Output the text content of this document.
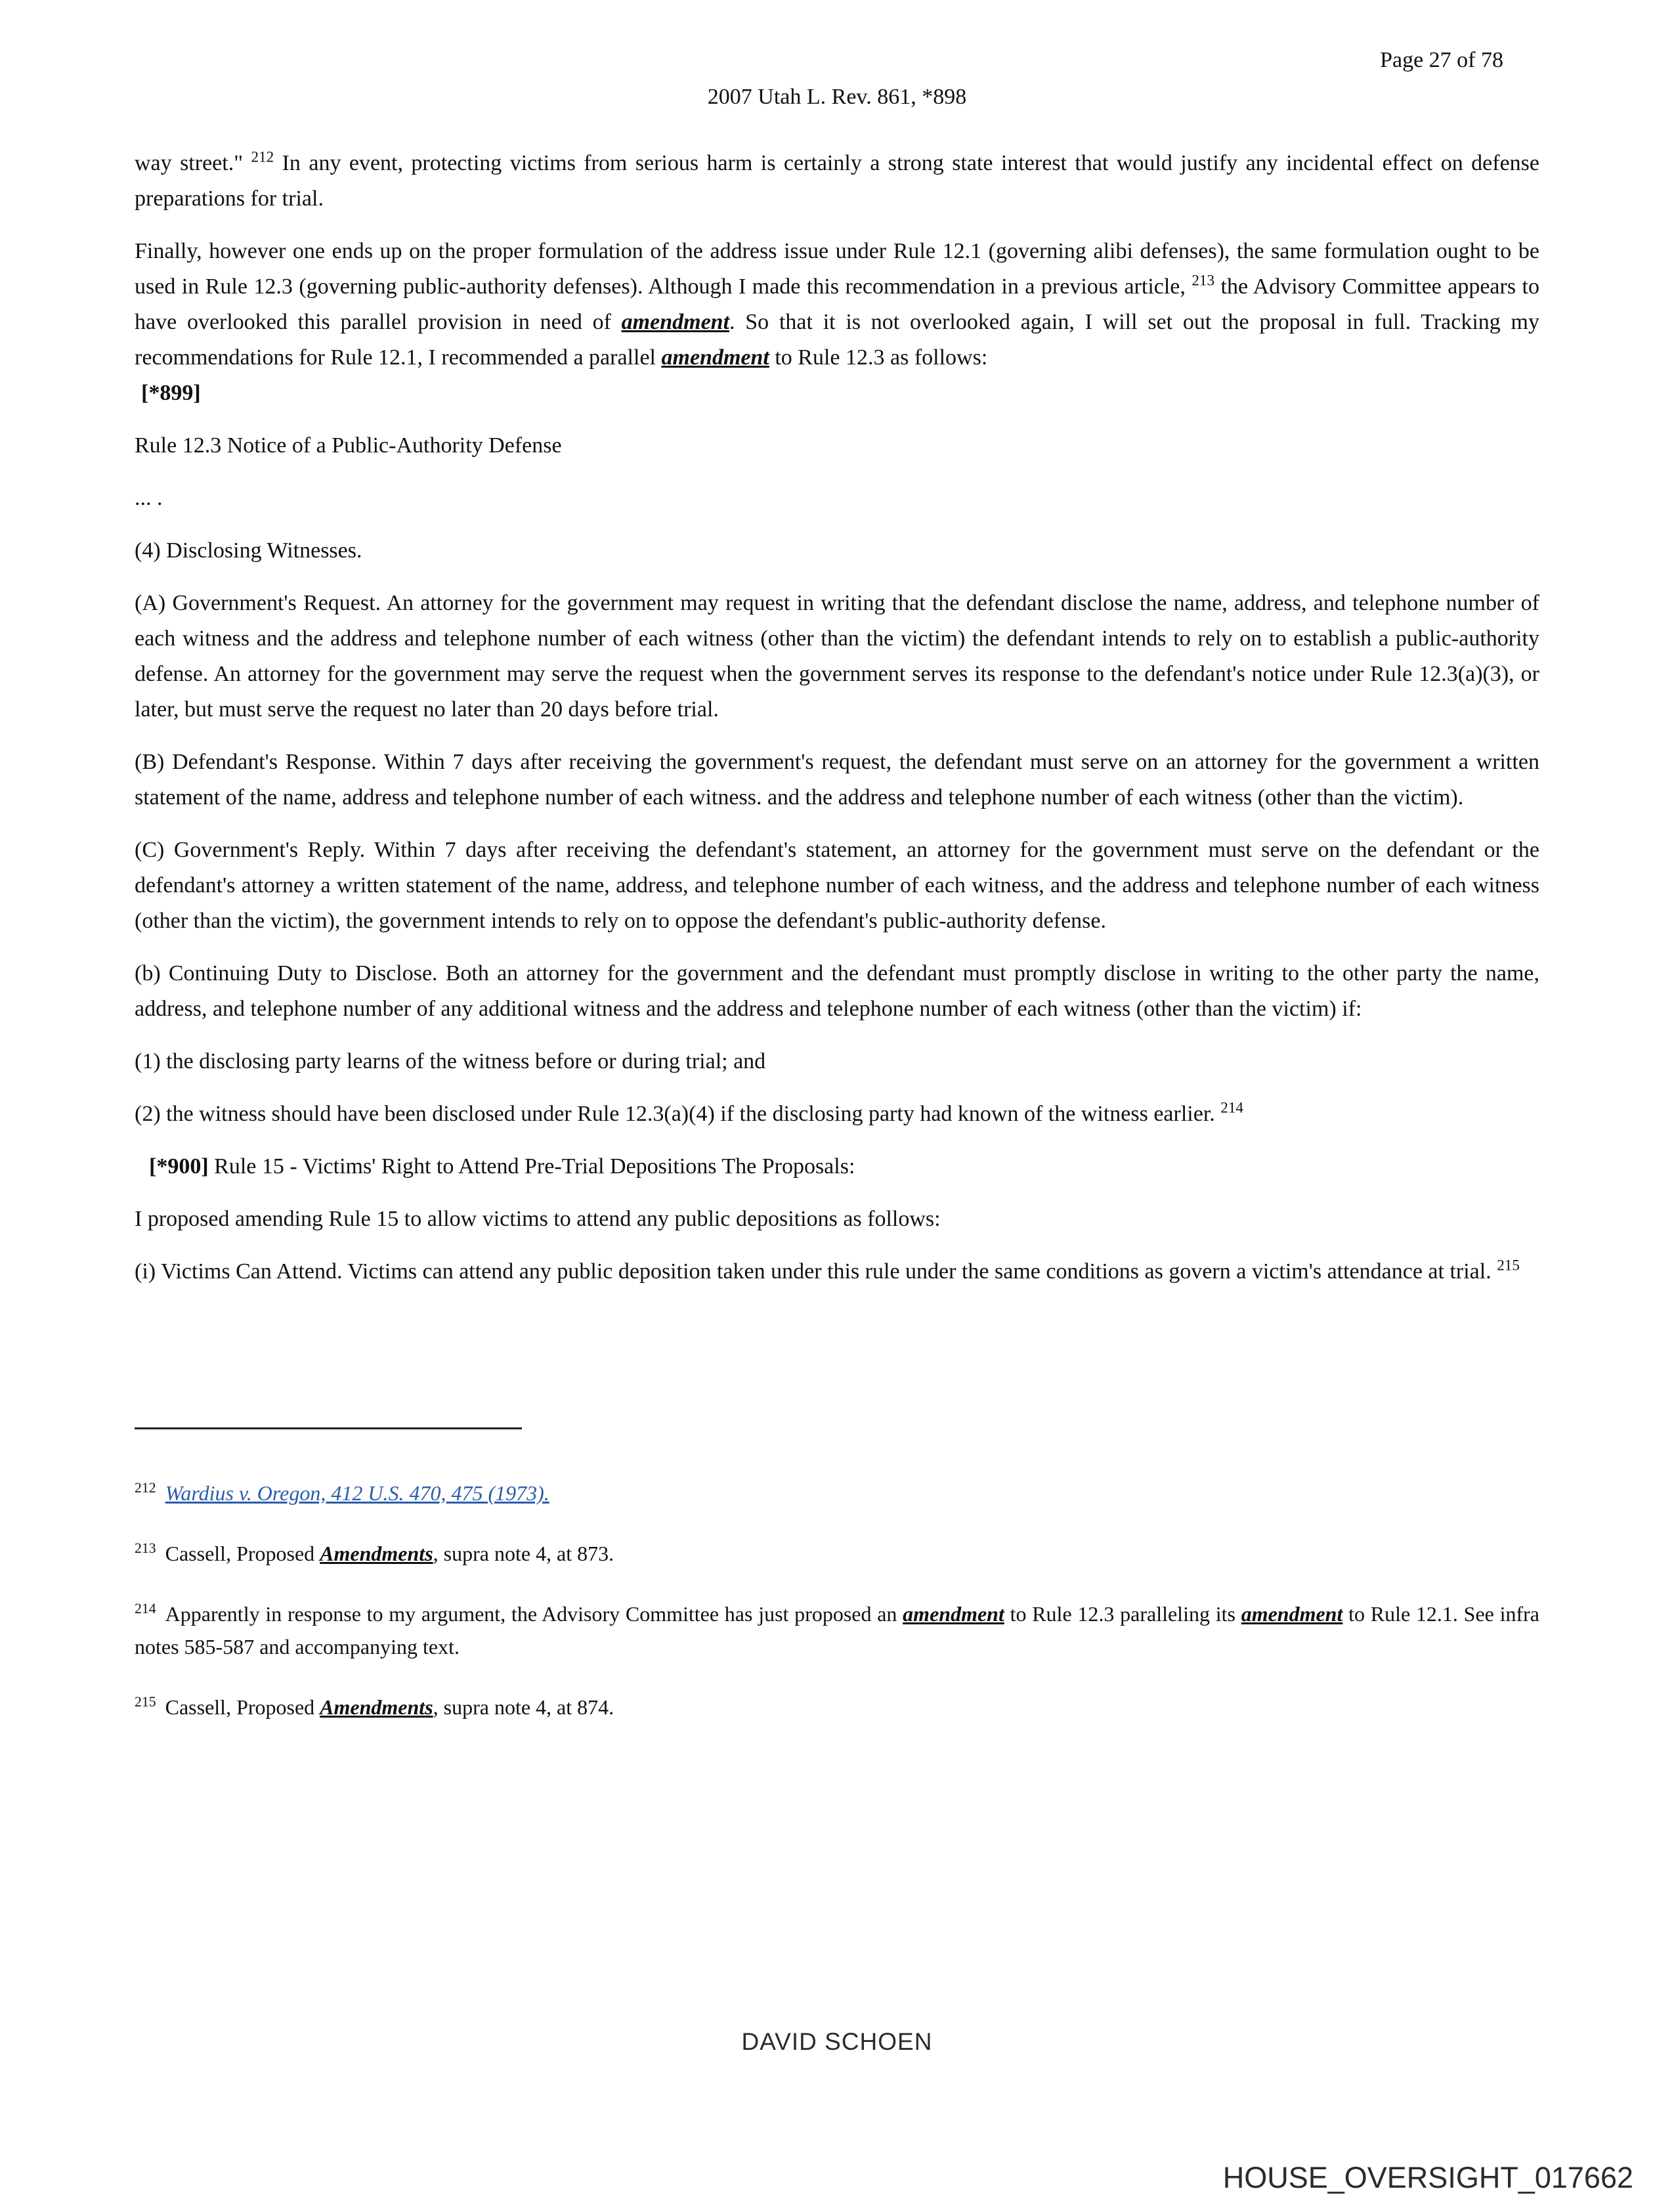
Page 27 of 78
2007 Utah L. Rev. 861, *898

way street." $^{212}$ In any event, protecting victims from serious harm is certainly a strong state interest that would justify any incidental effect on defense preparations for trial.

Finally, however one ends up on the proper formulation of the address issue under Rule 12.1 (governing alibi defenses), the same formulation ought to be used in Rule 12.3 (governing public-authority defenses). Although I made this recommendation in a previous article, $^{213}$ the Advisory Committee appears to have overlooked this parallel provision in need of amendment. So that it is not overlooked again, I will set out the proposal in full. Tracking my recommendations for Rule 12.1, I recommended a parallel amendment to Rule 12.3 as follows:

[*899]

Rule 12.3 Notice of a Public-Authority Defense

... .

(4) Disclosing Witnesses.

(A) Government's Request. An attorney for the government may request in writing that the defendant disclose the name, address, and telephone number of each witness and the address and telephone number of each witness (other than the victim) the defendant intends to rely on to establish a public-authority defense. An attorney for the government may serve the request when the government serves its response to the defendant's notice under Rule 12.3(a)(3), or later, but must serve the request no later than 20 days before trial.

(B) Defendant's Response. Within 7 days after receiving the government's request, the defendant must serve on an attorney for the government a written statement of the name, address and telephone number of each witness. and the address and telephone number of each witness (other than the victim).

(C) Government's Reply. Within 7 days after receiving the defendant's statement, an attorney for the government must serve on the defendant or the defendant's attorney a written statement of the name, address, and telephone number of each witness, and the address and telephone number of each witness (other than the victim), the government intends to rely on to oppose the defendant's public-authority defense.

(b) Continuing Duty to Disclose. Both an attorney for the government and the defendant must promptly disclose in writing to the other party the name, address, and telephone number of any additional witness and the address and telephone number of each witness (other than the victim) if:

(1) the disclosing party learns of the witness before or during trial; and

(2) the witness should have been disclosed under Rule 12.3(a)(4) if the disclosing party had known of the witness earlier. $^{214}$

[*900] Rule 15 - Victims' Right to Attend Pre-Trial Depositions The Proposals:

I proposed amending Rule 15 to allow victims to attend any public depositions as follows:

(i) Victims Can Attend. Victims can attend any public deposition taken under this rule under the same conditions as govern a victim's attendance at trial. $^{215}$

$^{212}$ Wardius v. Oregon, 412 U.S. 470, 475 (1973).

$^{213}$ Cassell, Proposed Amendments, supra note 4, at 873.

$^{214}$ Apparently in response to my argument, the Advisory Committee has just proposed an amendment to Rule 12.3 paralleling its amendment to Rule 12.1. See infra notes 585-587 and accompanying text.

$^{215}$ Cassell, Proposed Amendments, supra note 4, at 874.

DAVID SCHOEN
HOUSE_OVERSIGHT_017662
